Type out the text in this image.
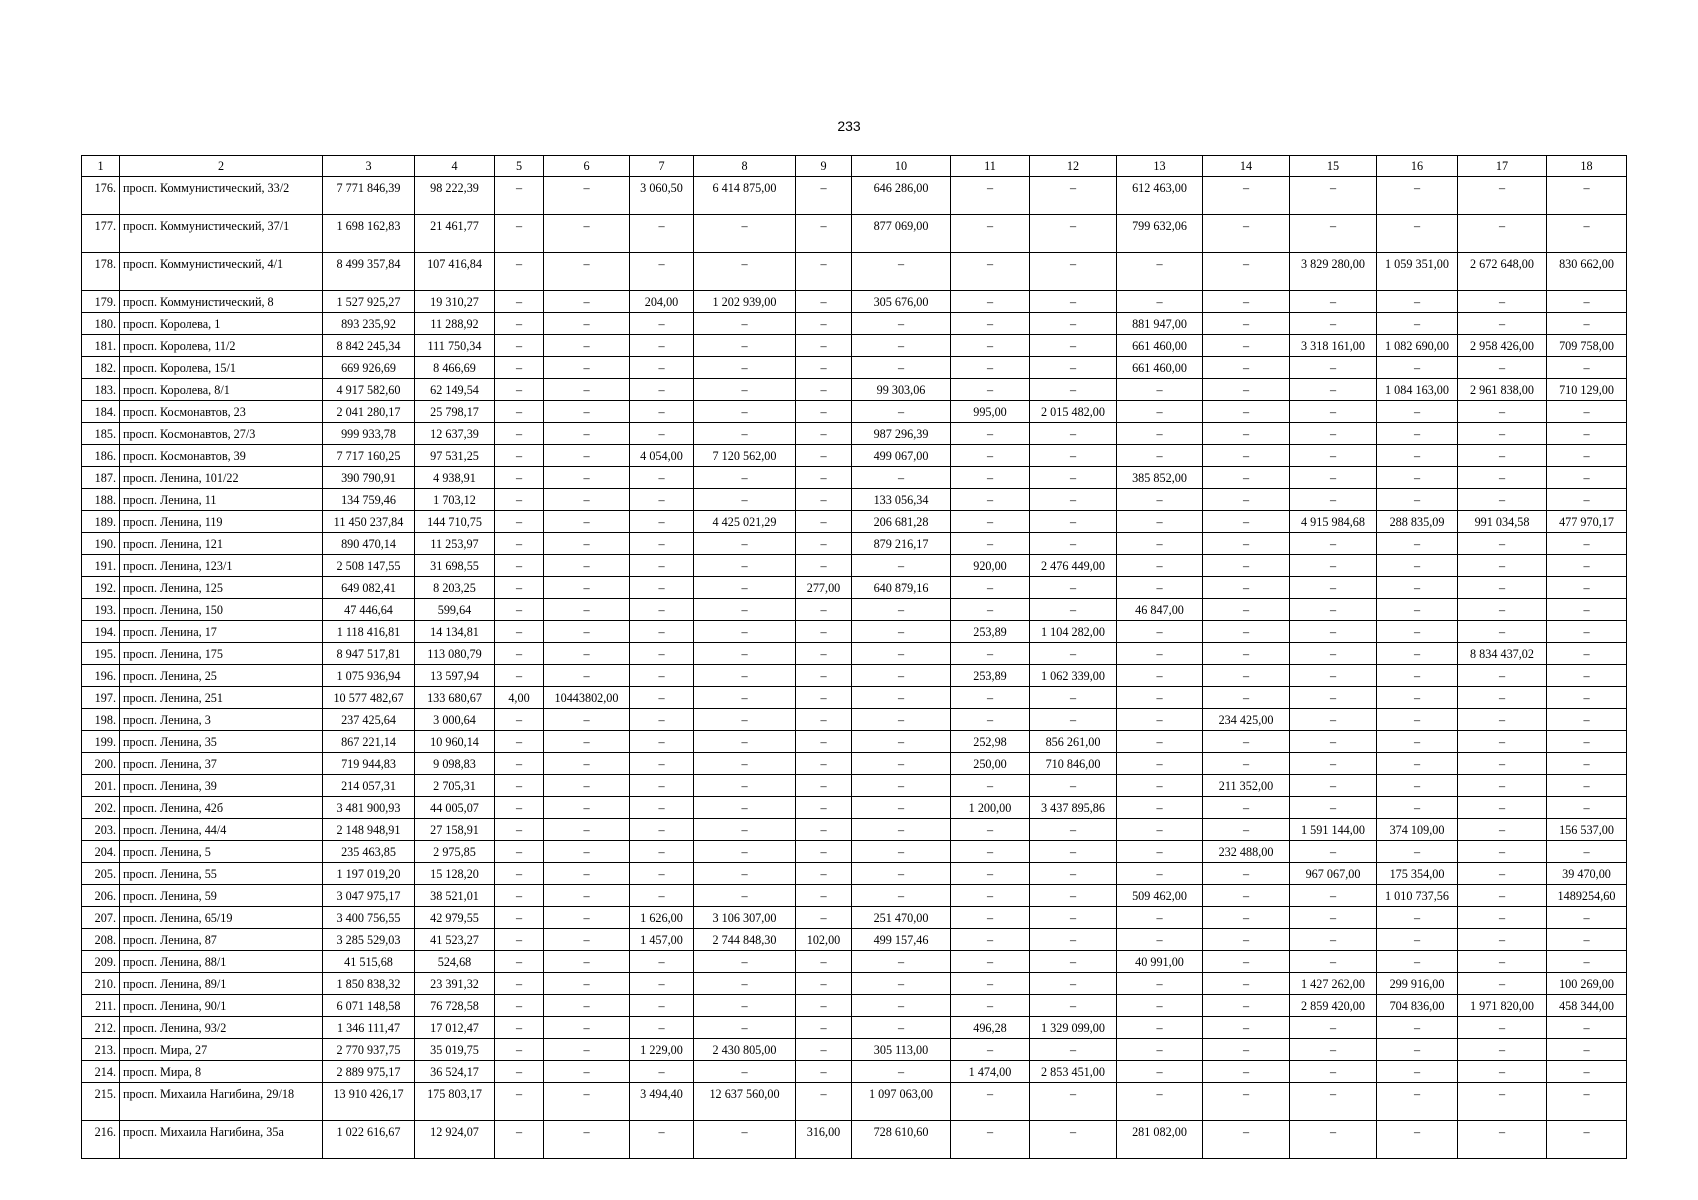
233
1	2	3	4	5	6	7	8	9	10	11	12	13	14	15	16	17	18
176.	просп. Коммунистический, 33/2	7 771 846,39	98 222,39	–	–	3 060,50	6 414 875,00	–	646 286,00	–	–	612 463,00	–	–	–	–	–
177.	просп. Коммунистический, 37/1	1 698 162,83	21 461,77	–	–	–	–	–	877 069,00	–	–	799 632,06	–	–	–	–	–
178.	просп. Коммунистический, 4/1	8 499 357,84	107 416,84	–	–	–	–	–	–	–	–	–	–	3 829 280,00	1 059 351,00	2 672 648,00	830 662,00
179.	просп. Коммунистический, 8	1 527 925,27	19 310,27	–	–	204,00	1 202 939,00	–	305 676,00	–	–	–	–	–	–	–	–
180.	просп. Королева, 1	893 235,92	11 288,92	–	–	–	–	–	–	–	–	881 947,00	–	–	–	–	–
181.	просп. Королева, 11/2	8 842 245,34	111 750,34	–	–	–	–	–	–	–	–	661 460,00	–	3 318 161,00	1 082 690,00	2 958 426,00	709 758,00
182.	просп. Королева, 15/1	669 926,69	8 466,69	–	–	–	–	–	–	–	–	661 460,00	–	–	–	–	–
183.	просп. Королева, 8/1	4 917 582,60	62 149,54	–	–	–	–	–	99 303,06	–	–	–	–	–	1 084 163,00	2 961 838,00	710 129,00
184.	просп. Космонавтов, 23	2 041 280,17	25 798,17	–	–	–	–	–	–	995,00	2 015 482,00	–	–	–	–	–	–
185.	просп. Космонавтов, 27/3	999 933,78	12 637,39	–	–	–	–	–	987 296,39	–	–	–	–	–	–	–	–
186.	просп. Космонавтов, 39	7 717 160,25	97 531,25	–	–	4 054,00	7 120 562,00	–	499 067,00	–	–	–	–	–	–	–	–
187.	просп. Ленина, 101/22	390 790,91	4 938,91	–	–	–	–	–	–	–	–	385 852,00	–	–	–	–	–
188.	просп. Ленина, 11	134 759,46	1 703,12	–	–	–	–	–	133 056,34	–	–	–	–	–	–	–	–
189.	просп. Ленина, 119	11 450 237,84	144 710,75	–	–	–	4 425 021,29	–	206 681,28	–	–	–	–	4 915 984,68	288 835,09	991 034,58	477 970,17
190.	просп. Ленина, 121	890 470,14	11 253,97	–	–	–	–	–	879 216,17	–	–	–	–	–	–	–	–
191.	просп. Ленина, 123/1	2 508 147,55	31 698,55	–	–	–	–	–	–	920,00	2 476 449,00	–	–	–	–	–	–
192.	просп. Ленина, 125	649 082,41	8 203,25	–	–	–	–	277,00	640 879,16	–	–	–	–	–	–	–	–
193.	просп. Ленина, 150	47 446,64	599,64	–	–	–	–	–	–	–	–	46 847,00	–	–	–	–	–
194.	просп. Ленина, 17	1 118 416,81	14 134,81	–	–	–	–	–	–	253,89	1 104 282,00	–	–	–	–	–	–
195.	просп. Ленина, 175	8 947 517,81	113 080,79	–	–	–	–	–	–	–	–	–	–	–	–	8 834 437,02	–
196.	просп. Ленина, 25	1 075 936,94	13 597,94	–	–	–	–	–	–	253,89	1 062 339,00	–	–	–	–	–	–
197.	просп. Ленина, 251	10 577 482,67	133 680,67	4,00	10443802,00	–	–	–	–	–	–	–	–	–	–	–	–
198.	просп. Ленина, 3	237 425,64	3 000,64	–	–	–	–	–	–	–	–	–	234 425,00	–	–	–	–
199.	просп. Ленина, 35	867 221,14	10 960,14	–	–	–	–	–	–	252,98	856 261,00	–	–	–	–	–	–
200.	просп. Ленина, 37	719 944,83	9 098,83	–	–	–	–	–	–	250,00	710 846,00	–	–	–	–	–	–
201.	просп. Ленина, 39	214 057,31	2 705,31	–	–	–	–	–	–	–	–	–	211 352,00	–	–	–	–
202.	просп. Ленина, 42б	3 481 900,93	44 005,07	–	–	–	–	–	–	1 200,00	3 437 895,86	–	–	–	–	–	–
203.	просп. Ленина, 44/4	2 148 948,91	27 158,91	–	–	–	–	–	–	–	–	–	–	1 591 144,00	374 109,00	–	156 537,00
204.	просп. Ленина, 5	235 463,85	2 975,85	–	–	–	–	–	–	–	–	–	232 488,00	–	–	–	–
205.	просп. Ленина, 55	1 197 019,20	15 128,20	–	–	–	–	–	–	–	–	–	–	967 067,00	175 354,00	–	39 470,00
206.	просп. Ленина, 59	3 047 975,17	38 521,01	–	–	–	–	–	–	–	–	509 462,00	–	–	1 010 737,56	–	1489254,60
207.	просп. Ленина, 65/19	3 400 756,55	42 979,55	–	–	1 626,00	3 106 307,00	–	251 470,00	–	–	–	–	–	–	–	–
208.	просп. Ленина, 87	3 285 529,03	41 523,27	–	–	1 457,00	2 744 848,30	102,00	499 157,46	–	–	–	–	–	–	–	–
209.	просп. Ленина, 88/1	41 515,68	524,68	–	–	–	–	–	–	–	–	40 991,00	–	–	–	–	–
210.	просп. Ленина, 89/1	1 850 838,32	23 391,32	–	–	–	–	–	–	–	–	–	–	1 427 262,00	299 916,00	–	100 269,00
211.	просп. Ленина, 90/1	6 071 148,58	76 728,58	–	–	–	–	–	–	–	–	–	–	2 859 420,00	704 836,00	1 971 820,00	458 344,00
212.	просп. Ленина, 93/2	1 346 111,47	17 012,47	–	–	–	–	–	–	496,28	1 329 099,00	–	–	–	–	–	–
213.	просп. Мира, 27	2 770 937,75	35 019,75	–	–	1 229,00	2 430 805,00	–	305 113,00	–	–	–	–	–	–	–	–
214.	просп. Мира, 8	2 889 975,17	36 524,17	–	–	–	–	–	–	1 474,00	2 853 451,00	–	–	–	–	–	–
215.	просп. Михаила Нагибина, 29/18	13 910 426,17	175 803,17	–	–	3 494,40	12 637 560,00	–	1 097 063,00	–	–	–	–	–	–	–	–
216.	просп. Михаила Нагибина, 35а	1 022 616,67	12 924,07	–	–	–	–	316,00	728 610,60	–	–	281 082,00	–	–	–	–	–
